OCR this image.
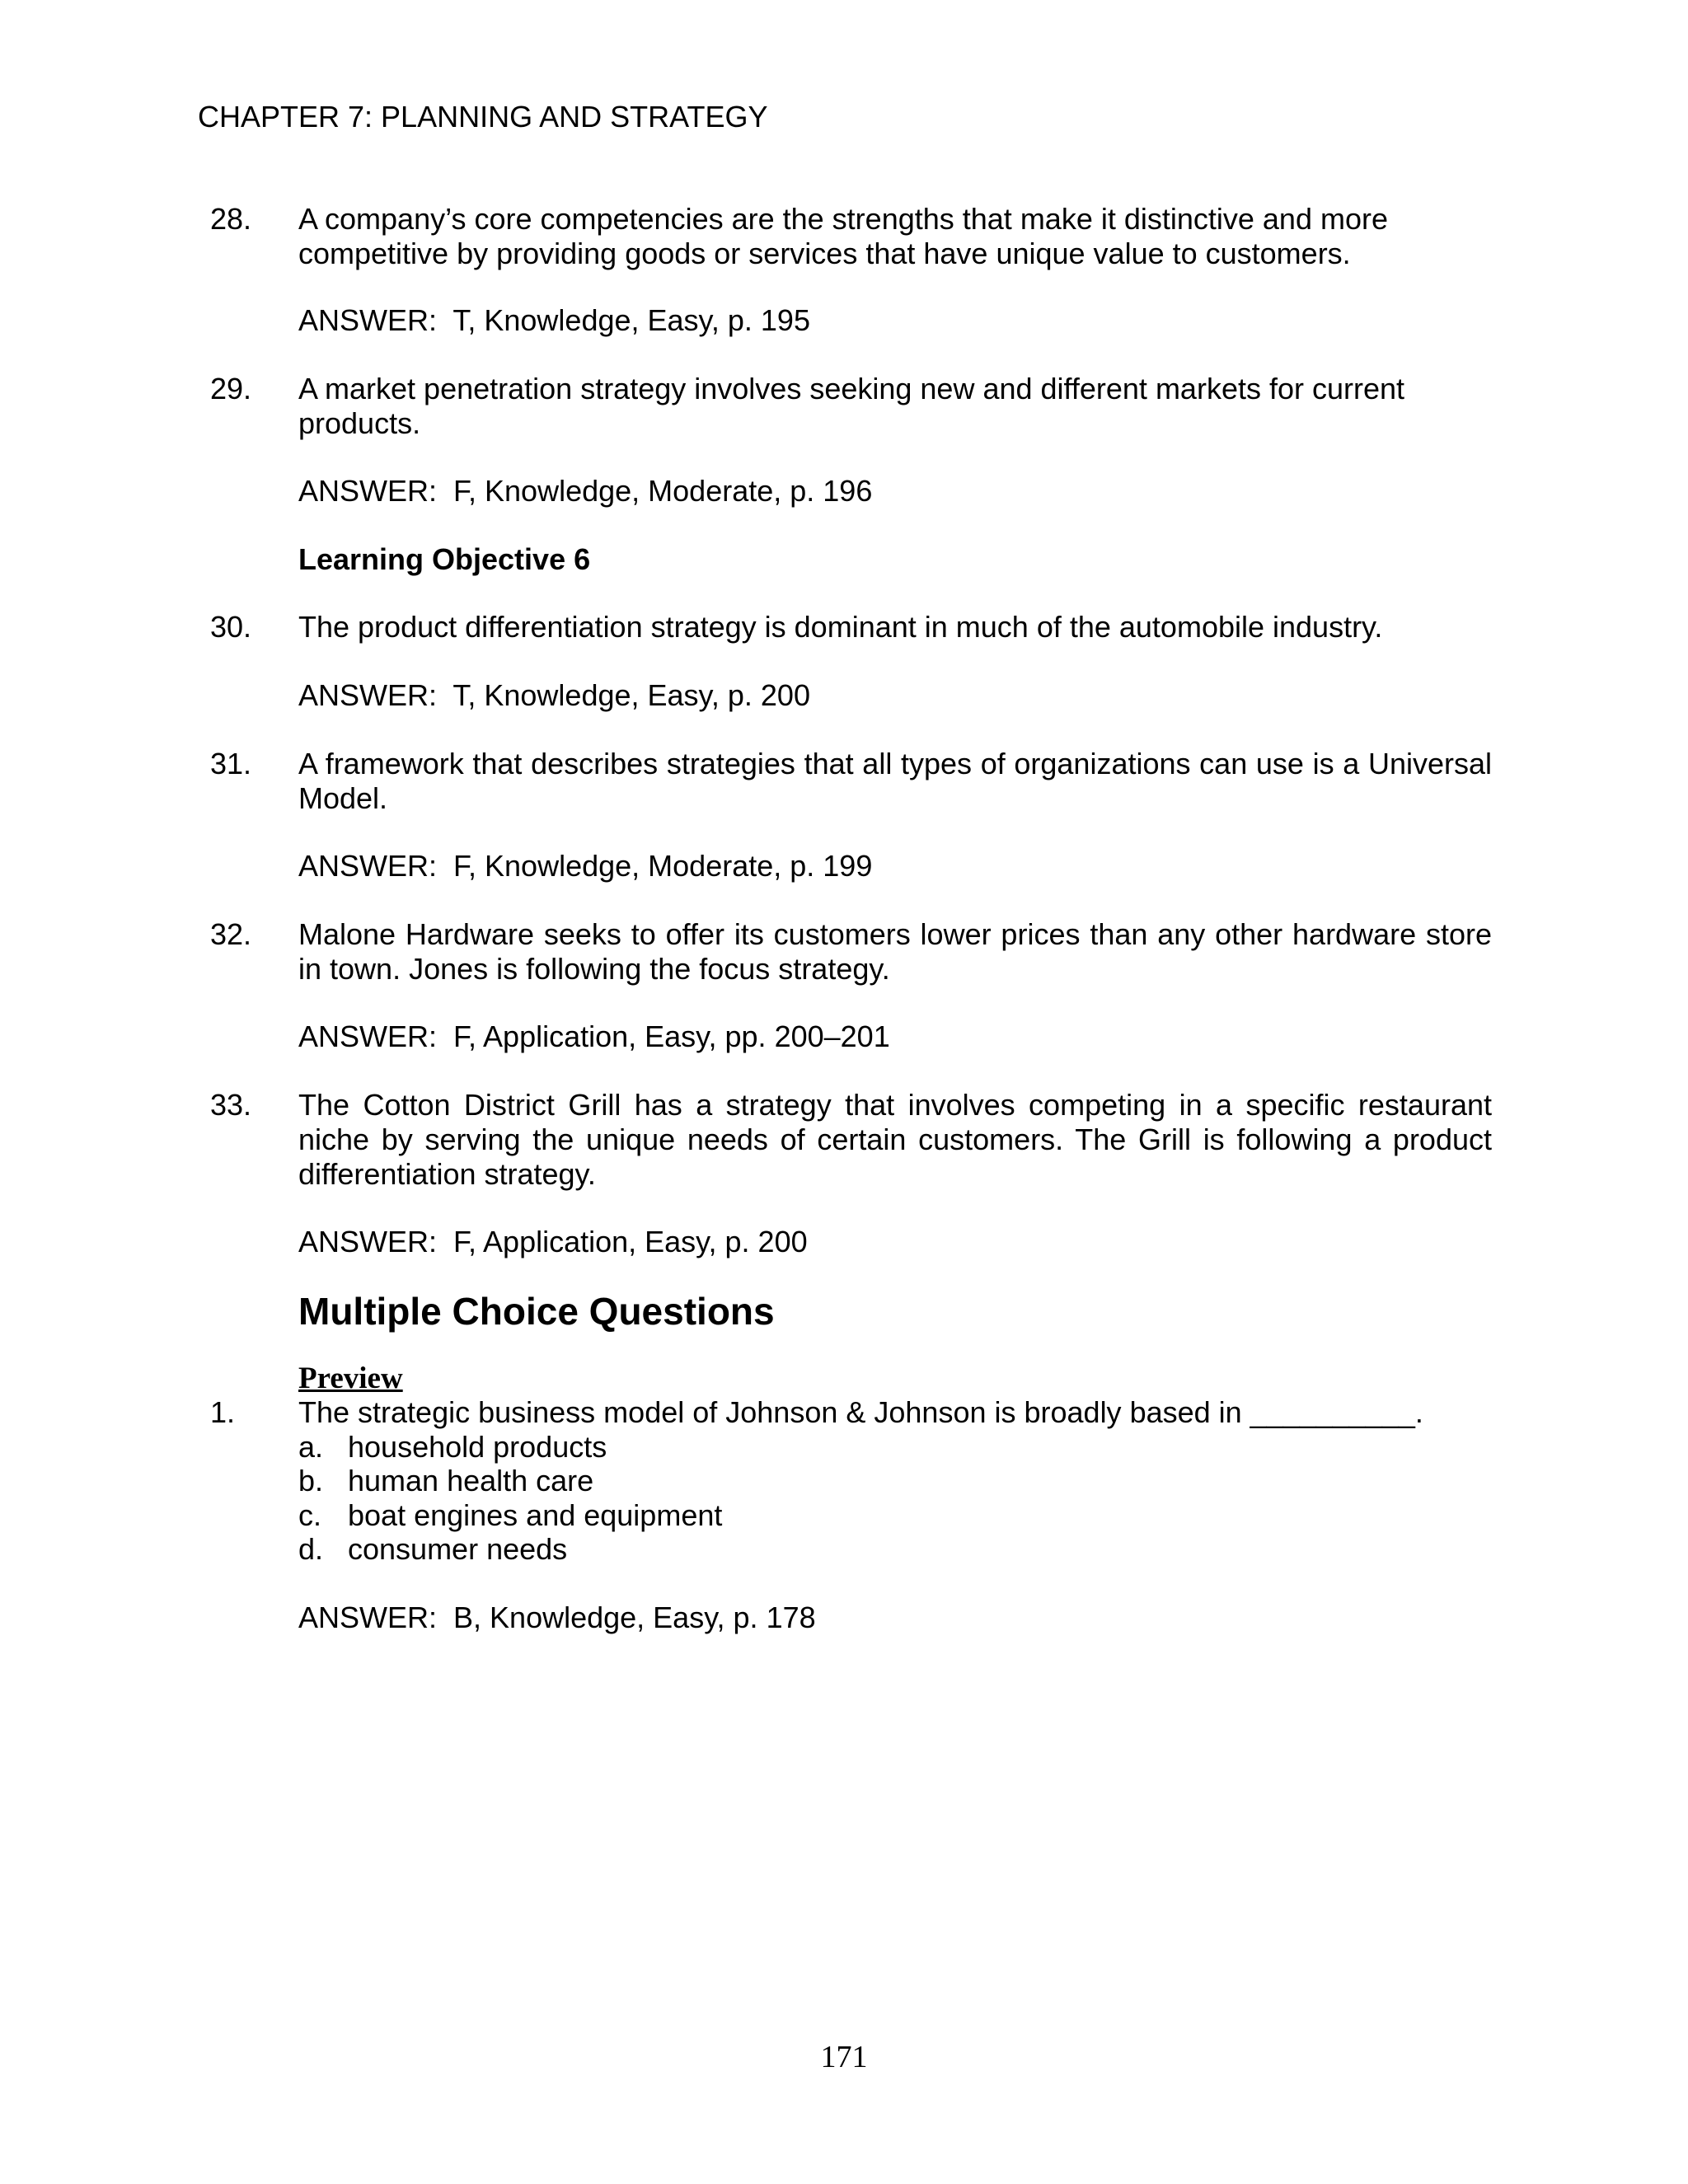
CHAPTER 7: PLANNING AND STRATEGY
28. A company’s core competencies are the strengths that make it distinctive and more competitive by providing goods or services that have unique value to customers.
ANSWER:  T, Knowledge, Easy, p. 195
29. A market penetration strategy involves seeking new and different markets for current products.
ANSWER:  F, Knowledge, Moderate, p. 196
Learning Objective 6
30. The product differentiation strategy is dominant in much of the automobile industry.
ANSWER:  T, Knowledge, Easy, p. 200
31. A framework that describes strategies that all types of organizations can use is a Universal Model.
ANSWER:  F, Knowledge, Moderate, p. 199
32. Malone Hardware seeks to offer its customers lower prices than any other hardware store in town. Jones is following the focus strategy.
ANSWER:  F, Application, Easy, pp. 200–201
33. The Cotton District Grill has a strategy that involves competing in a specific restaurant niche by serving the unique needs of certain customers. The Grill is following a product differentiation strategy.
ANSWER:  F, Application, Easy, p. 200
Multiple Choice Questions
Preview
1. The strategic business model of Johnson & Johnson is broadly based in __________.
a. household products
b. human health care
c. boat engines and equipment
d. consumer needs
ANSWER:  B, Knowledge, Easy, p. 178
171
